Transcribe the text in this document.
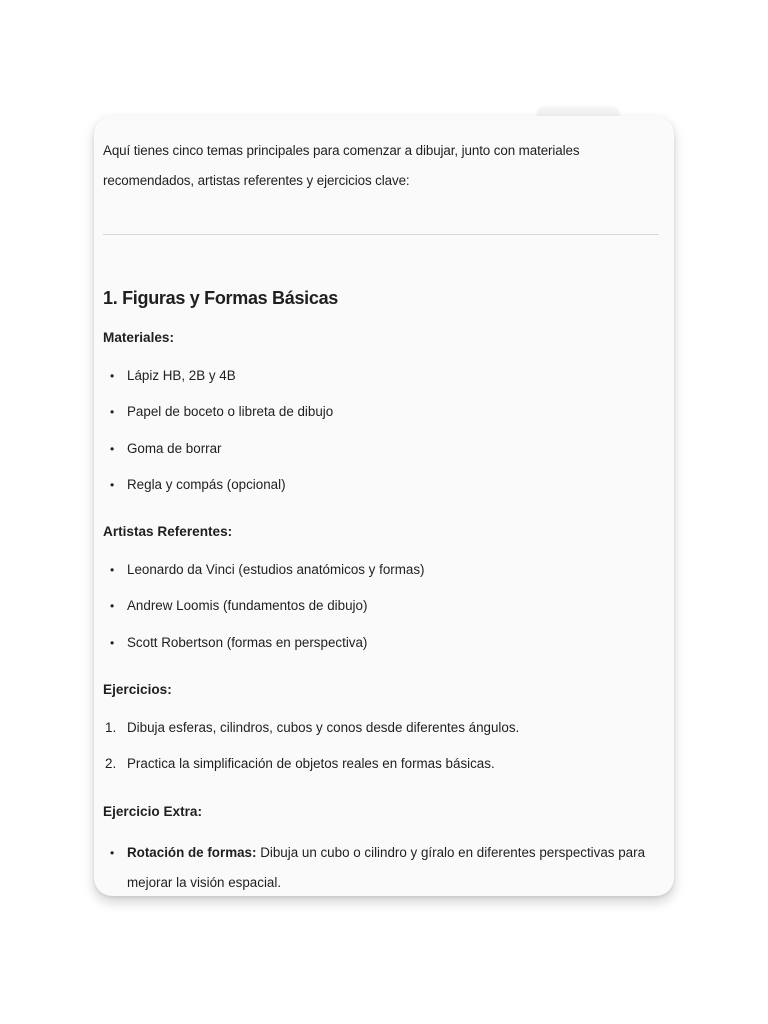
Aquí tienes cinco temas principales para comenzar a dibujar, junto con materiales recomendados, artistas referentes y ejercicios clave:

1. Figuras y Formas Básicas

Materiales:

• Lápiz HB, 2B y 4B
• Papel de boceto o libreta de dibujo
• Goma de borrar
• Regla y compás (opcional)

Artistas Referentes:

• Leonardo da Vinci (estudios anatómicos y formas)
• Andrew Loomis (fundamentos de dibujo)
• Scott Robertson (formas en perspectiva)

Ejercicios:

1. Dibuja esferas, cilindros, cubos y conos desde diferentes ángulos.
2. Practica la simplificación de objetos reales en formas básicas.

Ejercicio Extra:

• Rotación de formas: Dibuja un cubo o cilindro y gíralo en diferentes perspectivas para mejorar la visión espacial.
